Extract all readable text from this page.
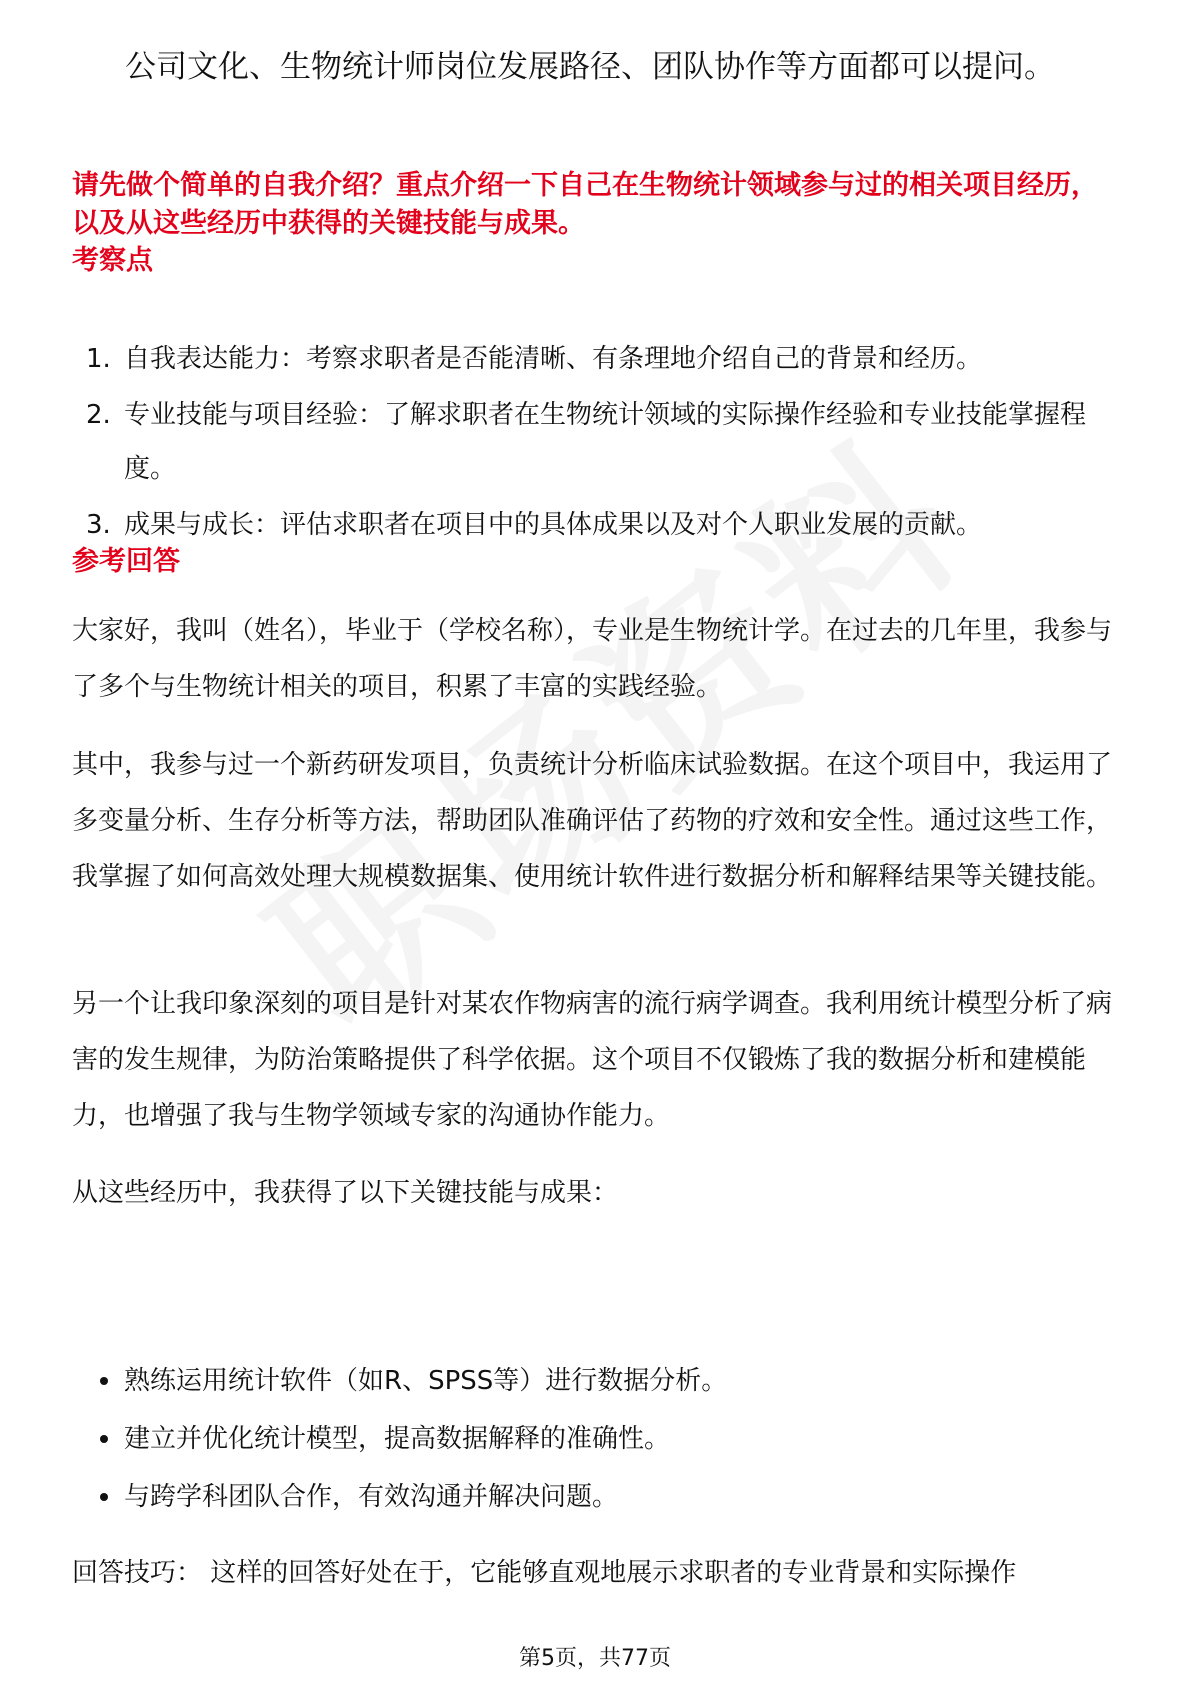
公司文化、生物统计师岗位发展路径、团队协作等方面都可以提问。

请先做个简单的自我介绍？重点介绍一下自己在生物统计领域参与过的相关项目经历，以及从这些经历中获得的关键技能与成果。

考察点
1. 自我表达能力：考察求职者是否能清晰、有条理地介绍自己的背景和经历。
2. 专业技能与项目经验：了解求职者在生物统计领域的实际操作经验和专业技能掌握程度。
3. 成果与成长：评估求职者在项目中的具体成果以及对个人职业发展的贡献。
参考回答

大家好，我叫（姓名），毕业于（学校名称），专业是生物统计学。在过去的几年里，我参与了多个与生物统计相关的项目，积累了丰富的实践经验。

其中，我参与过一个新药研发项目，负责统计分析临床试验数据。在这个项目中，我运用了多变量分析、生存分析等方法，帮助团队准确评估了药物的疗效和安全性。通过这些工作，我掌握了如何高效处理大规模数据集、使用统计软件进行数据分析和解释结果等关键技能。

另一个让我印象深刻的项目是针对某农作物病害的流行病学调查。我利用统计模型分析了病害的发生规律，为防治策略提供了科学依据。这个项目不仅锻炼了我的数据分析和建模能力，也增强了我与生物学领域专家的沟通协作能力。

从这些经历中，我获得了以下关键技能与成果：

熟练运用统计软件（如R、SPSS等）进行数据分析。
建立并优化统计模型，提高数据解释的准确性。
与跨学科团队合作，有效沟通并解决问题。

回答技巧： 这样的回答好处在于，它能够直观地展示求职者的专业背景和实际操作

第5页，共77页
